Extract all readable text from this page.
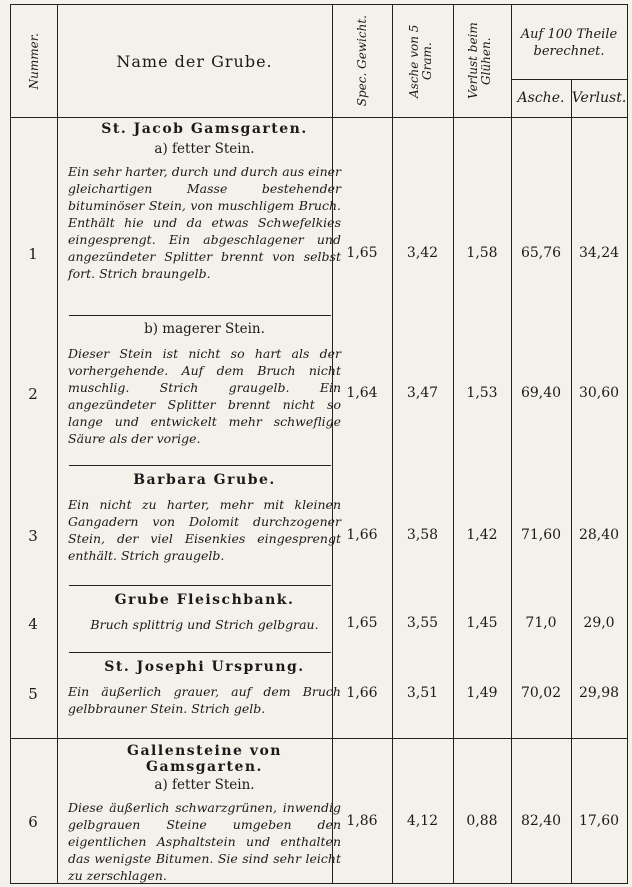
Nummer.	Name der Grube.	Spec. Gewicht.	Asche von 5 Gram.	Verlust beim Glühen.
Auf 100 Theile berechnet.
Asche. Verlust.
St. Jacob Gamsgarten.
a) fetter Stein.
Ein sehr harter, durch und durch aus einer gleichartigen Masse bestehender bituminöser Stein, von muschligem Bruch. Enthält hie und da etwas Schwefelkies eingesprengt. Ein abgeschlagener und angezündeter Splitter brennt von selbst fort. Strich braungelb.
1	1,65	3,42	1,58	65,76	34,24
b) magerer Stein.
Dieser Stein ist nicht so hart als der vorhergehende. Auf dem Bruch nicht muschlig. Strich graugelb. Ein angezündeter Splitter brennt nicht so lange und entwickelt mehr schweflige Säure als der vorige.
2	1,64	3,47	1,53	69,40	30,60
Barbara Grube.
Ein nicht zu harter, mehr mit kleinen Gangadern von Dolomit durchzogener Stein, der viel Eisenkies eingesprengt enthält. Strich graugelb.
3	1,66	3,58	1,42	71,60	28,40
Grube Fleischbank.
Bruch splittrig und Strich gelbgrau.
4	1,65	3,55	1,45	71,0	29,0
St. Josephi Ursprung.
Ein äußerlich grauer, auf dem Bruch gelbbrauner Stein. Strich gelb.
5	1,66	3,51	1,49	70,02	29,98
Gallensteine von Gamsgarten.
a) fetter Stein.
Diese äußerlich schwarzgrünen, inwendig gelbgrauen Steine umgeben den eigentlichen Asphaltstein und enthalten das wenigste Bitumen. Sie sind sehr leicht zu zerschlagen.
6	1,86	4,12	0,88	82,40	17,60
